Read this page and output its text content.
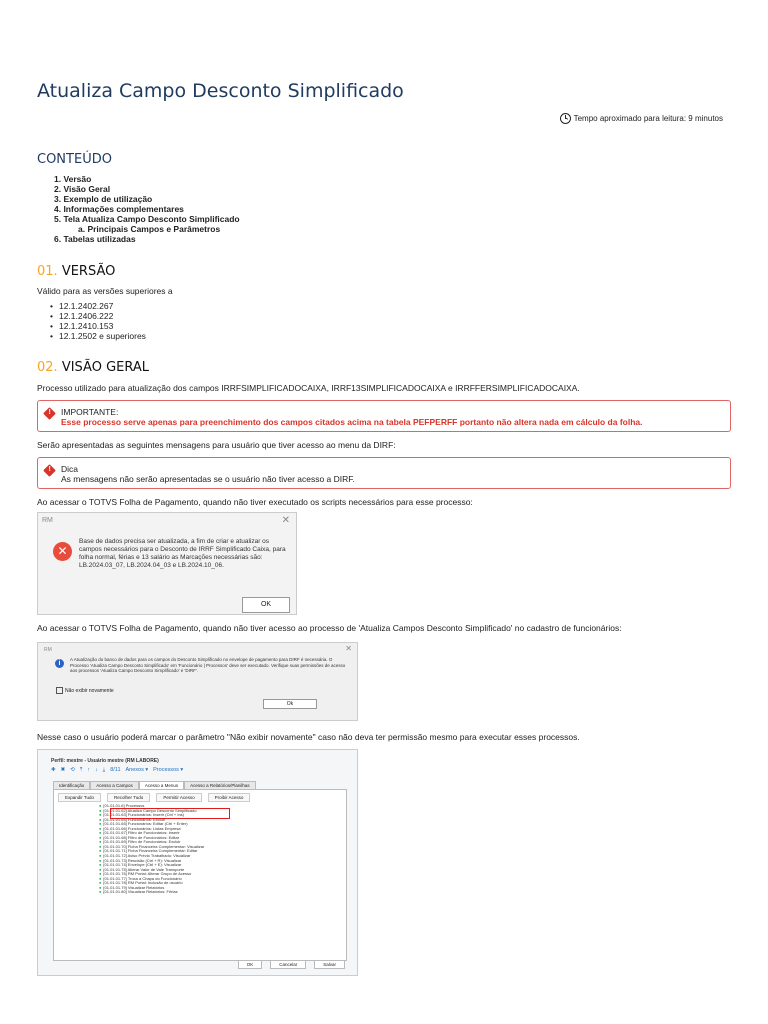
Atualiza Campo Desconto Simplificado
Tempo aproximado para leitura: 9 minutos
CONTEÚDO
1. Versão
2. Visão Geral
3. Exemplo de utilização
4. Informações complementares
5. Tela Atualiza Campo Desconto Simplificado
a. Principais Campos e Parâmetros
6. Tabelas utilizadas
01. VERSÃO
Válido para as versões superiores a
• 12.1.2402.267
• 12.1.2406.222
• 12.1.2410.153
• 12.1.2502 e superiores
02. VISÃO GERAL
Processo utilizado para atualização dos campos IRRFSIMPLIFICADOCAIXA, IRRF13SIMPLIFICADOCAIXA e IRRFFERSIMPLIFICADOCAIXA.
!
IMPORTANTE:
Esse processo serve apenas para preenchimento dos campos citados acima na tabela PEFPERFF portanto não altera nada em cálculo da folha.
Serão apresentadas as seguintes mensagens para usuário que tiver acesso ao menu da DIRF:
!
Dica
As mensagens não serão apresentadas se o usuário não tiver acesso a DIRF.
Ao acessar o TOTVS Folha de Pagamento, quando não tiver executado os scripts necessários para esse processo:
RM	✕
✕
Base de dados precisa ser atualizada, a fim de criar e atualizar os campos necessários para o Desconto de IRRF Simplificado Caixa, para folha normal, férias e 13 salário as Marcações necessárias são: LB.2024.03_07, LB.2024.04_03 e LB.2024.10_06.
OK
Ao acessar o TOTVS Folha de Pagamento, quando não tiver acesso ao processo de 'Atualiza Campos Desconto Simplificado' no cadastro de funcionários:
RM	✕
i
A Atualização do banco de dados para os campos do Desconto Simplificado no envelope de pagamento para DIRF é necessária. O Processo 'Atualiza Campo Desconto Simplificado' em 'Funcionário | Processos' deve ser executado. Verifique suas permissões de acesso aos processos 'Atualiza Campo Desconto Simplificado' e 'DIRF'.
Não exibir novamente
Ok
Nesse caso o usuário poderá marcar o parâmetro "Não exibir novamente" caso não deva ter permissão mesmo para executar esses processos.
Perfil: mestre - Usuário mestre (RM LABORE)
✚ ✖ ⟲ ⤒ ↑ ↓ ⤓ 8/11 Anexos ▾ Processos ▾
Identificação	Acesso a Campos	Acesso a Menus	Acesso a Relatórios/Planilhas
Expandir Tudo	Recolher Tudo	Permitir Acesso	Proibir Acesso
● [01.01.01.6] Processos
● [01.01.01.62] Atualiza Campo Desconto Simplificado
● [01.01.01.63] Funcionários: Inserir (Ctrl + Ins)
● [01.01.01.64] Funcionários: Excluir
● [01.01.01.65] Funcionários: Editar (Ctrl + Enter)
● [01.01.01.66] Funcionários: Listas Empresa
● [01.01.01.67] Filtro de Funcionários: Inserir
● [01.01.01.68] Filtro de Funcionários: Editar
● [01.01.01.69] Filtro de Funcionários: Excluir
● [01.01.01.70] Ficha Financeira Complementar: Visualizar
● [01.01.01.71] Ficha Financeira Complementar: Editar
● [01.01.01.72] Aviso Prévio Trabalhado: Visualizar
● [01.01.01.73] Rescisão (Ctrl + R): Visualizar
● [01.01.01.74] Envelope (Ctrl + E): Visualizar
● [01.01.01.75] Alterar Valor de Vale Transporte
● [01.01.01.76] RM Portal: Alterar Grupo de Acesso
● [01.01.01.77] Troca a Chapa do Funcionário
● [01.01.01.78] RM Portal: Inclusão de usuário
● [01.01.01.79] Visualizar Relatórios
● [01.01.01.80] Visualizar Relatórios: Férias
OK	Cancelar	Salvar
